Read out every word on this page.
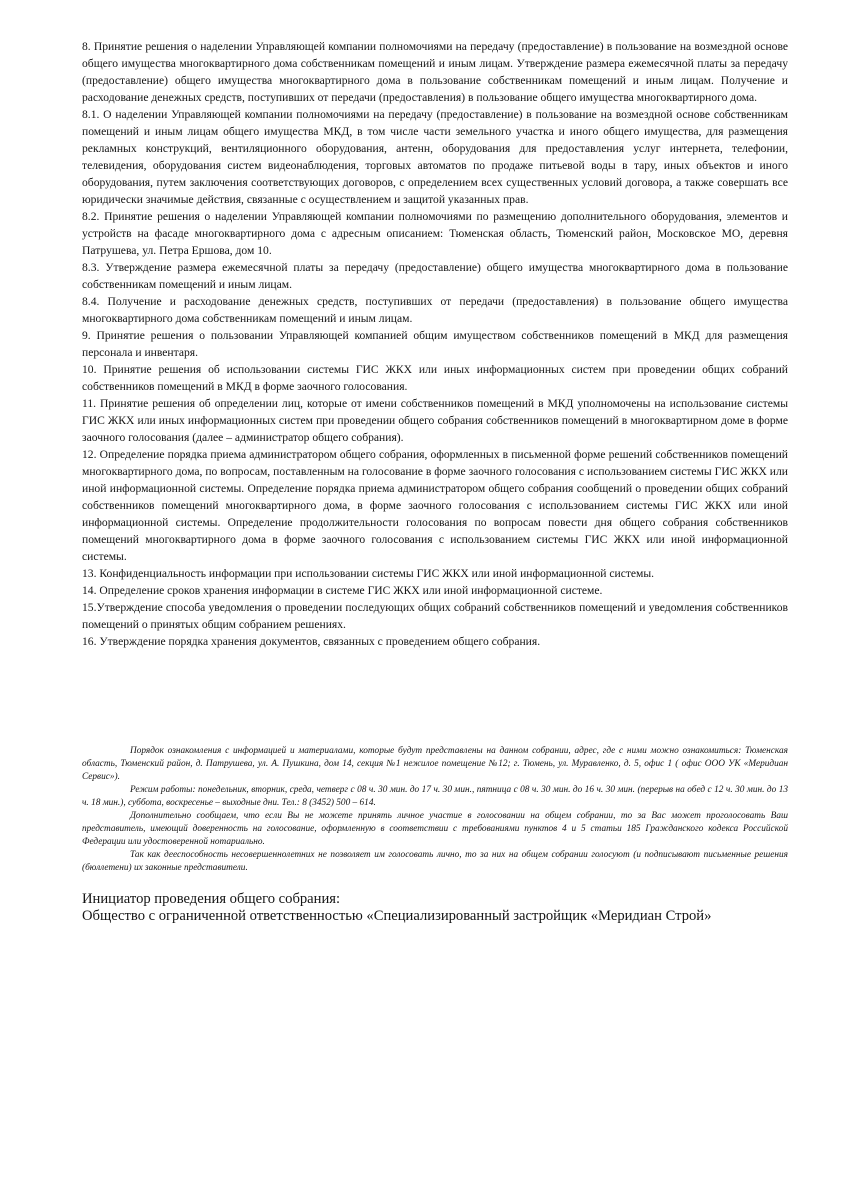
8. Принятие решения о наделении Управляющей компании полномочиями на передачу (предоставление) в пользование на возмездной основе общего имущества многоквартирного дома собственникам помещений и иным лицам. Утверждение размера ежемесячной платы за передачу (предоставление) общего имущества многоквартирного дома в пользование собственникам помещений и иным лицам. Получение и расходование денежных средств, поступивших от передачи (предоставления) в пользование общего имущества многоквартирного дома.

8.1. О наделении Управляющей компании полномочиями на передачу (предоставление) в пользование на возмездной основе собственникам помещений и иным лицам общего имущества МКД, в том числе части земельного участка и иного общего имущества, для размещения рекламных конструкций, вентиляционного оборудования, антенн, оборудования для предоставления услуг интернета, телефонии, телевидения, оборудования систем видеонаблюдения, торговых автоматов по продаже питьевой воды в тару, иных объектов и иного оборудования, путем заключения соответствующих договоров, с определением всех существенных условий договора, а также совершать все юридически значимые действия, связанные с осуществлением и защитой указанных прав.

8.2. Принятие решения о наделении Управляющей компании полномочиями по размещению дополнительного оборудования, элементов и устройств на фасаде многоквартирного дома с адресным описанием: Тюменская область, Тюменский район, Московское МО, деревня Патрушева, ул. Петра Ершова, дом 10.

8.3. Утверждение размера ежемесячной платы за передачу (предоставление) общего имущества многоквартирного дома в пользование собственникам помещений и иным лицам.

8.4. Получение и расходование денежных средств, поступивших от передачи (предоставления) в пользование общего имущества многоквартирного дома собственникам помещений и иным лицам.

9. Принятие решения о пользовании Управляющей компанией общим имуществом собственников помещений в МКД для размещения персонала и инвентаря.

10. Принятие решения об использовании системы ГИС ЖКХ или иных информационных систем при проведении общих собраний собственников помещений в МКД в форме заочного голосования.

11. Принятие решения об определении лиц, которые от имени собственников помещений в МКД уполномочены на использование системы ГИС ЖКХ или иных информационных систем при проведении общего собрания собственников помещений в многоквартирном доме в форме заочного голосования (далее – администратор общего собрания).

12. Определение порядка приема администратором общего собрания, оформленных в письменной форме решений собственников помещений многоквартирного дома, по вопросам, поставленным на голосование в форме заочного голосования с использованием системы ГИС ЖКХ или иной информационной системы. Определение порядка приема администратором общего собрания сообщений о проведении общих собраний собственников помещений многоквартирного дома, в форме заочного голосования с использованием системы ГИС ЖКХ или иной информационной системы. Определение продолжительности голосования по вопросам повести дня общего собрания собственников помещений многоквартирного дома в форме заочного голосования с использованием системы ГИС ЖКХ или иной информационной системы.

13. Конфиденциальность информации при использовании системы ГИС ЖКХ или иной информационной системы.

14. Определение сроков хранения информации в системе ГИС ЖКХ или иной информационной системе.

15.Утверждение способа уведомления о проведении последующих общих собраний собственников помещений и уведомления собственников помещений о принятых общим собранием решениях.

16. Утверждение порядка хранения документов, связанных с проведением общего собрания.

Порядок ознакомления с информацией и материалами, которые будут представлены на данном собрании, адрес, где с ними можно ознакомиться: Тюменская область, Тюменский район, д. Патрушева, ул. А. Пушкина, дом 14, секция №1 нежилое помещение №12; г. Тюмень, ул. Муравленко, д. 5, офис 1 ( офис ООО УК «Меридиан Сервис»).

Режим работы: понедельник, вторник, среда, четверг с 08 ч. 30 мин. до 17 ч. 30 мин., пятница с 08 ч. 30 мин. до 16 ч. 30 мин. (перерыв на обед с 12 ч. 30 мин. до 13 ч. 18 мин.), суббота, воскресенье – выходные дни. Тел.: 8 (3452) 500 – 614.

Дополнительно сообщаем, что если Вы не можете принять личное участие в голосовании на общем собрании, то за Вас может проголосовать Ваш представитель, имеющий доверенность на голосование, оформленную в соответствии с требованиями пунктов 4 и 5 статьи 185 Гражданского кодекса Российской Федерации или удостоверенной нотариально.

Так как дееспособность несовершеннолетних не позволяет им голосовать лично, то за них на общем собрании голосуют (и подписывают письменные решения (бюллетени) их законные представители.

Инициатор проведения общего собрания:

Общество с ограниченной ответственностью «Специализированный застройщик «Меридиан Строй»
